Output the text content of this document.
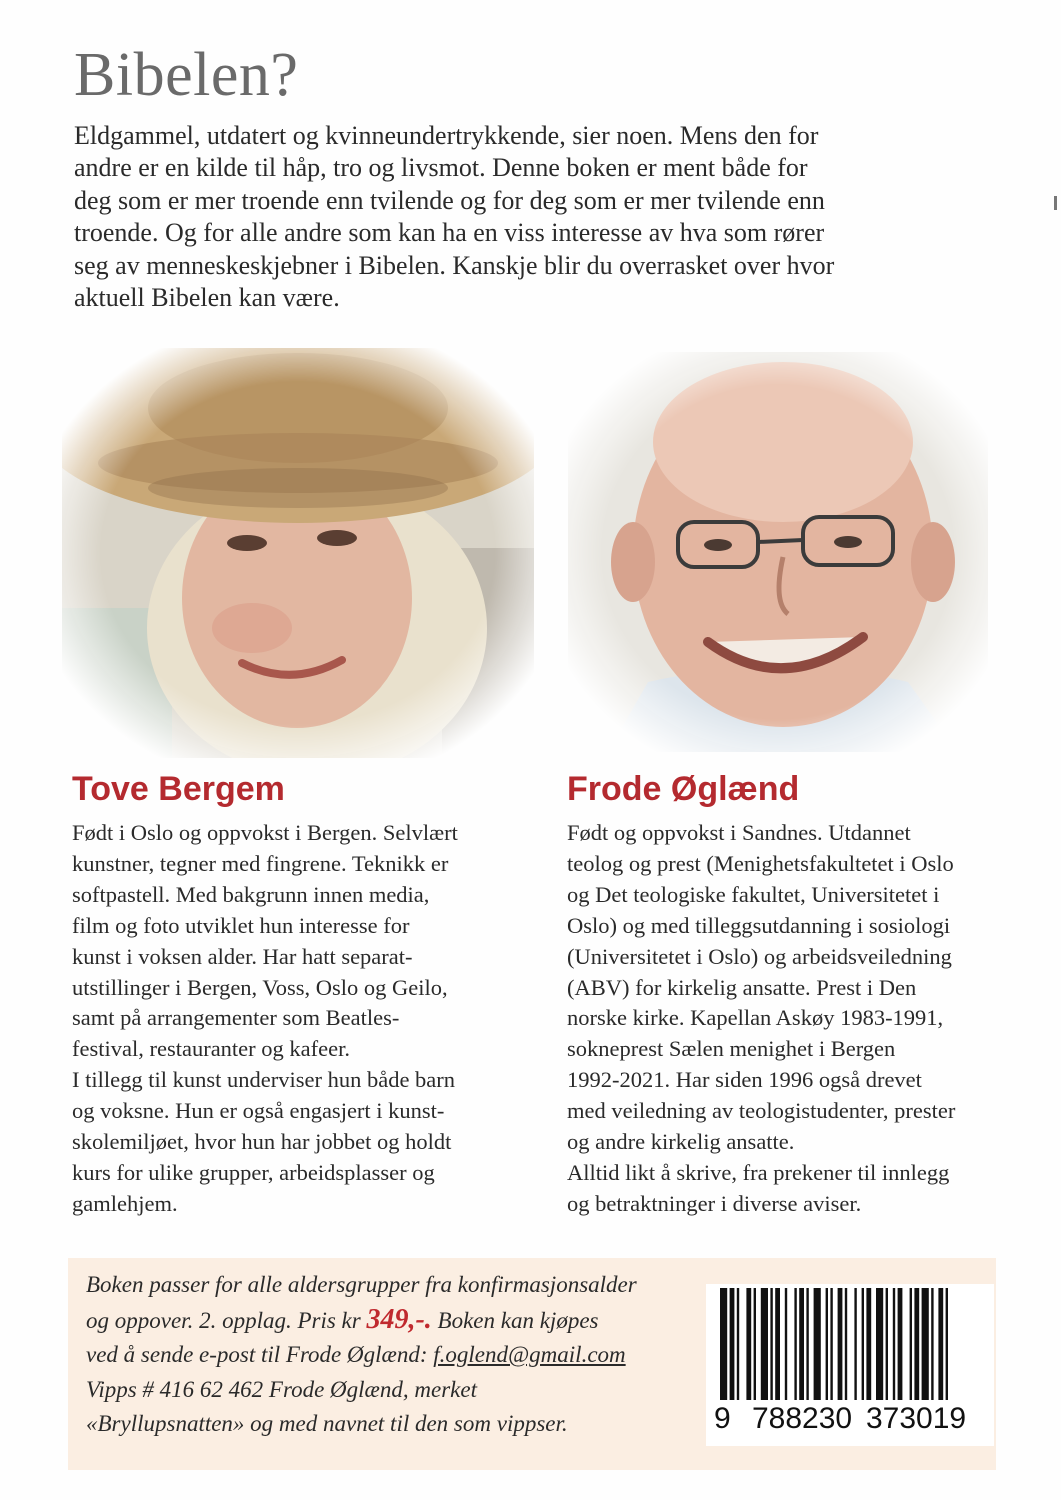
Bibelen?
Eldgammel, utdatert og kvinneundertrykkende, sier noen. Mens den for
andre er en kilde til håp, tro og livsmot. Denne boken er ment både for
deg som er mer troende enn tvilende og for deg som er mer tvilende enn
troende. Og for alle andre som kan ha en viss interesse av hva som rører
seg av menneskeskjebner i Bibelen. Kanskje blir du overrasket over hvor
aktuell Bibelen kan være.
Tove Bergem	Frode Øglænd
Født i Oslo og oppvokst i Bergen. Selvlært
kunstner, tegner med fingrene. Teknikk er
softpastell. Med bakgrunn innen media,
film og foto utviklet hun interesse for
kunst i voksen alder. Har hatt separat-
utstillinger i Bergen, Voss, Oslo og Geilo,
samt på arrangementer som Beatles-
festival, restauranter og kafeer.
I tillegg til kunst underviser hun både barn
og voksne. Hun er også engasjert i kunst-
skolemiljøet, hvor hun har jobbet og holdt
kurs for ulike grupper, arbeidsplasser og
gamlehjem.
Født og oppvokst i Sandnes. Utdannet
teolog og prest (Menighetsfakultetet i Oslo
og Det teologiske fakultet, Universitetet i
Oslo) og med tilleggsutdanning i sosiologi
(Universitetet i Oslo) og arbeidsveiledning
(ABV) for kirkelig ansatte. Prest i Den
norske kirke. Kapellan Askøy 1983-1991,
sokneprest Sælen menighet i Bergen
1992-2021. Har siden 1996 også drevet
med veiledning av teologistudenter, prester
og andre kirkelig ansatte.
Alltid likt å skrive, fra prekener til innlegg
og betraktninger i diverse aviser.
Boken passer for alle aldersgrupper fra konfirmasjonsalder
og oppover. 2. opplag. Pris kr 349,-. Boken kan kjøpes
ved å sende e-post til Frode Øglænd: f.oglend@gmail.com
Vipps # 416 62 462 Frode Øglænd, merket
«Bryllupsnatten» og med navnet til den som vippser.	9 788230 373019
